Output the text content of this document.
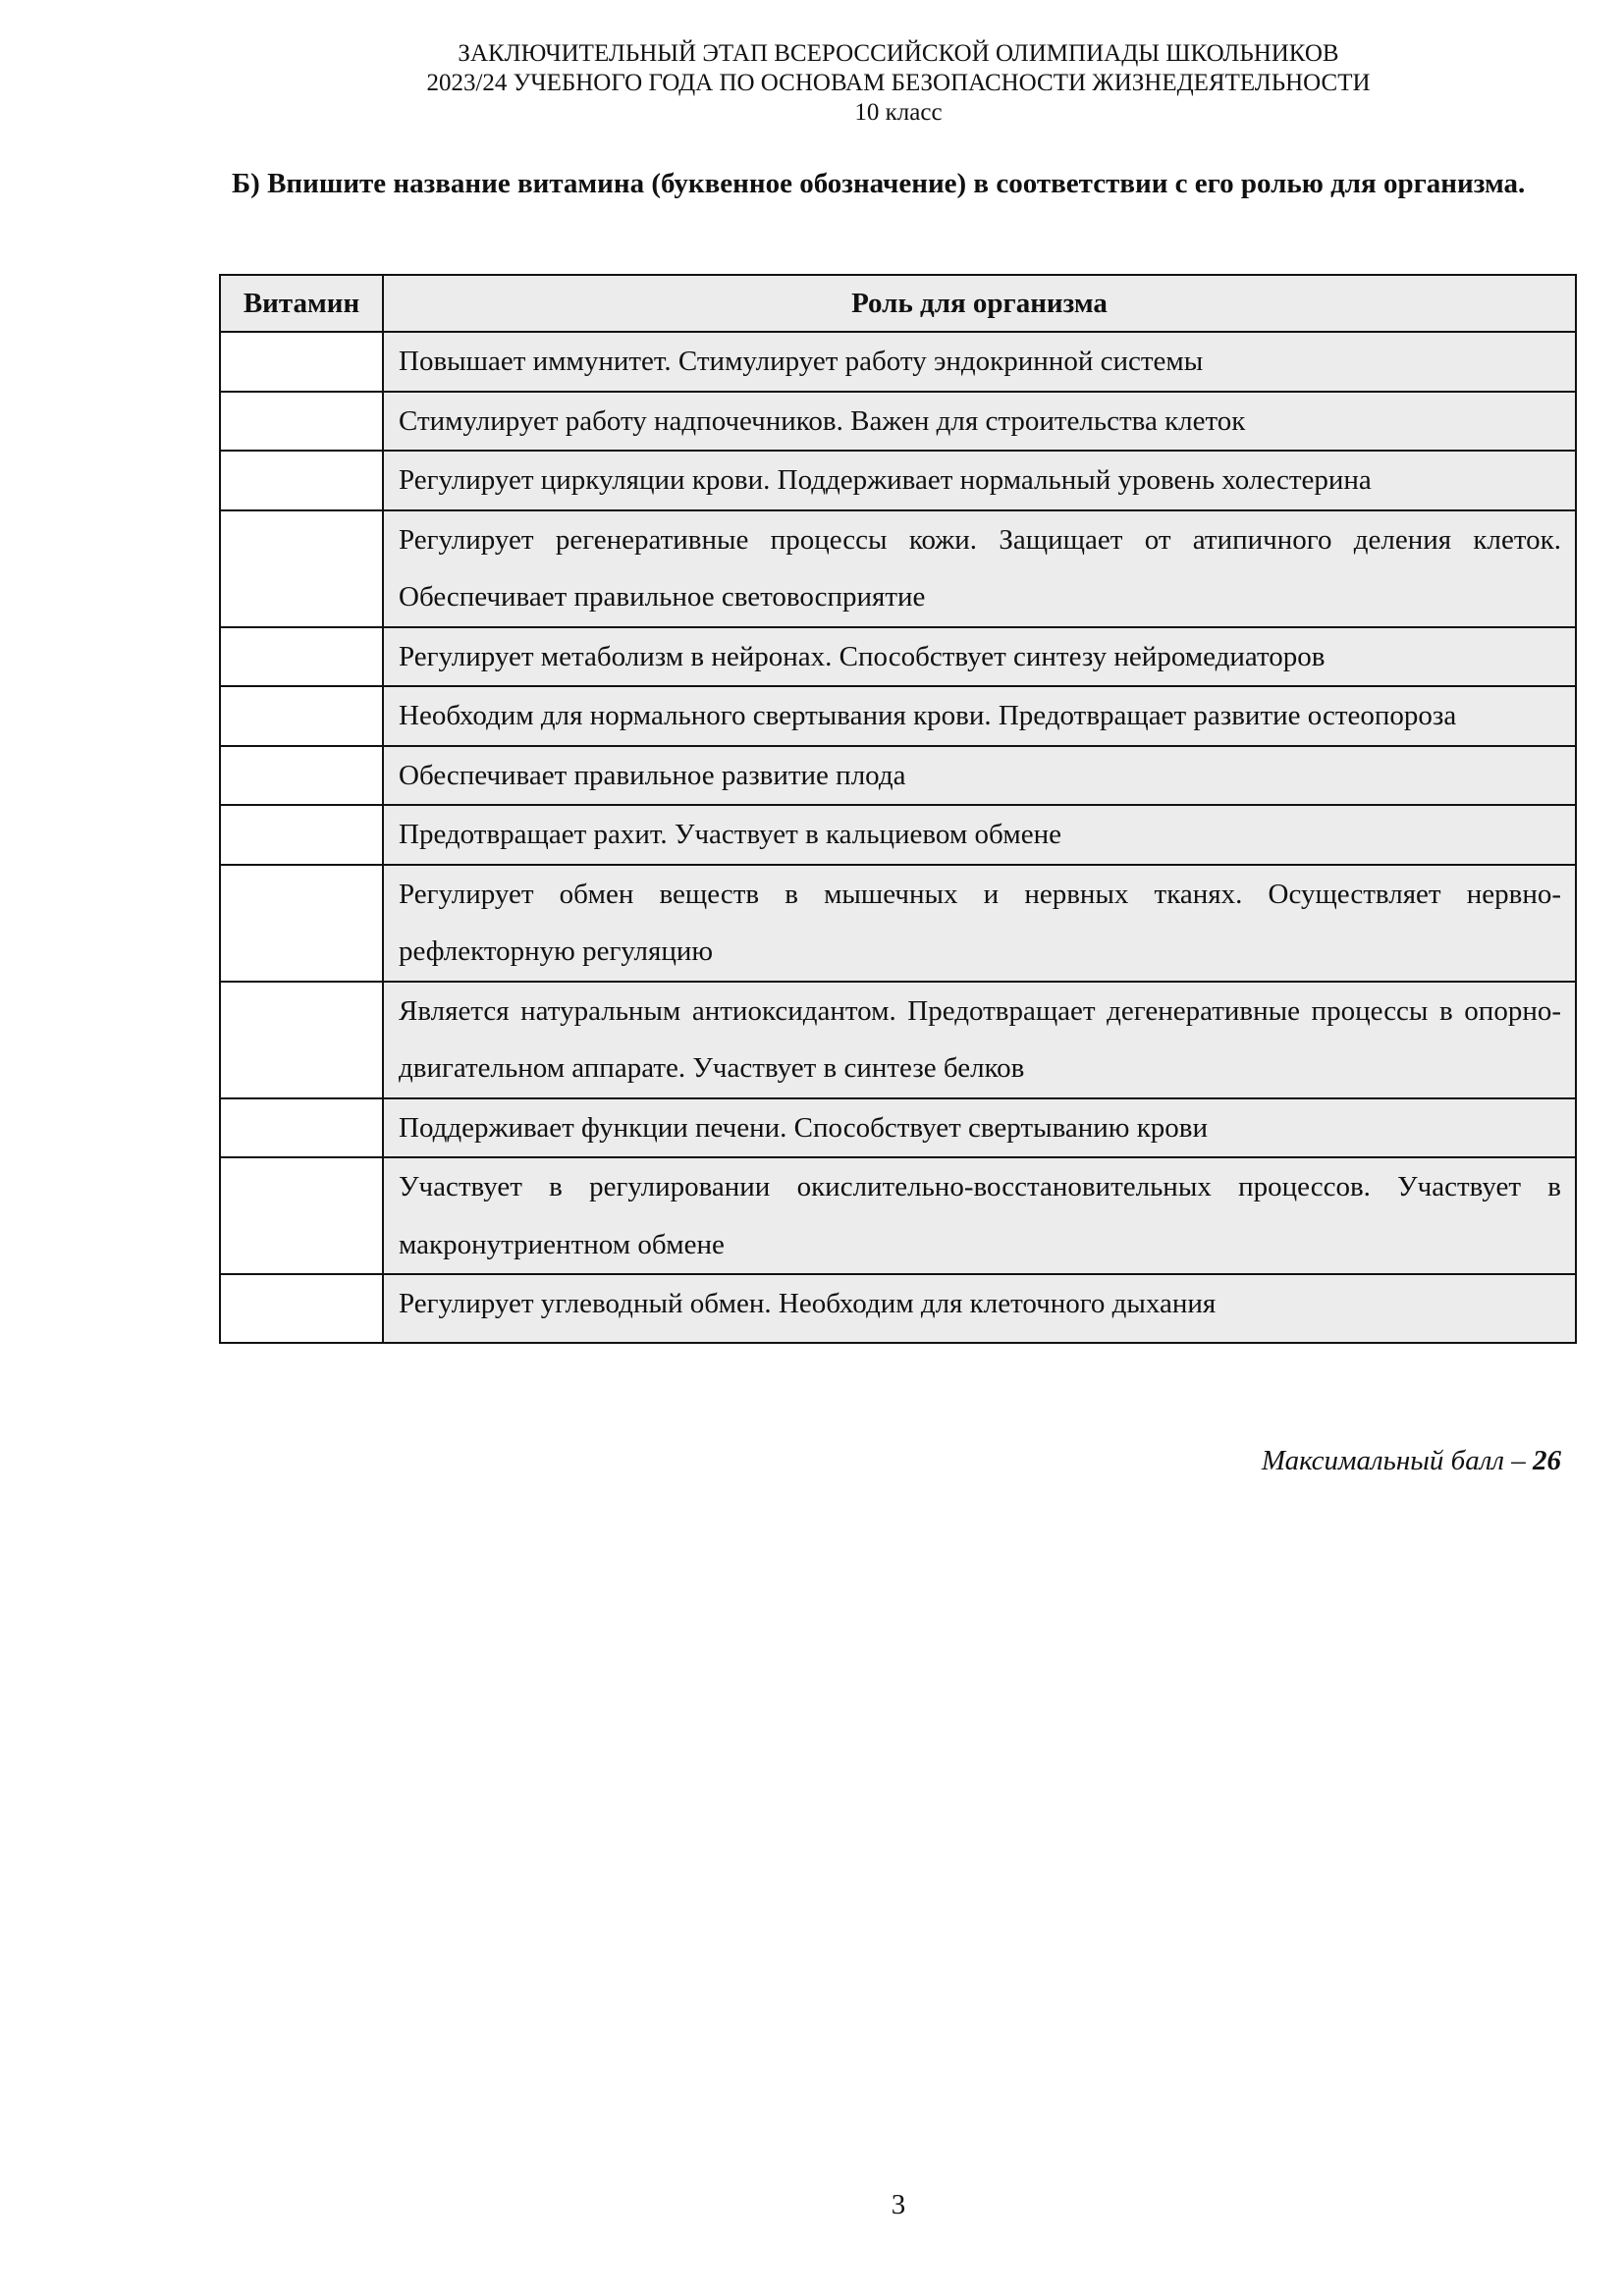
ЗАКЛЮЧИТЕЛЬНЫЙ ЭТАП ВСЕРОССИЙСКОЙ ОЛИМПИАДЫ ШКОЛЬНИКОВ
2023/24 УЧЕБНОГО ГОДА ПО ОСНОВАМ БЕЗОПАСНОСТИ ЖИЗНЕДЕЯТЕЛЬНОСТИ
10 класс
Б) Впишите название витамина (буквенное обозначение) в соответствии с его ролью для организма.
Витамин	Роль для организма
	Повышает иммунитет. Стимулирует работу эндокринной системы
	Стимулирует работу надпочечников. Важен для строительства клеток
	Регулирует циркуляции крови. Поддерживает нормальный уровень холестерина
	Регулирует регенеративные процессы кожи. Защищает от атипичного деления клеток. Обеспечивает правильное световосприятие
	Регулирует метаболизм в нейронах. Способствует синтезу нейромедиаторов
	Необходим для нормального свертывания крови. Предотвращает развитие остеопороза
	Обеспечивает правильное развитие плода
	Предотвращает рахит. Участвует в кальциевом обмене
	Регулирует обмен веществ в мышечных и нервных тканях. Осуществляет нервно-рефлекторную регуляцию
	Является натуральным антиоксидантом. Предотвращает дегенеративные процессы в опорно-двигательном аппарате. Участвует в синтезе белков
	Поддерживает функции печени. Способствует свертыванию крови
	Участвует в регулировании окислительно-восстановительных процессов. Участвует в макронутриентном обмене
	Регулирует углеводный обмен. Необходим для клеточного дыхания
Максимальный балл – 26
3
